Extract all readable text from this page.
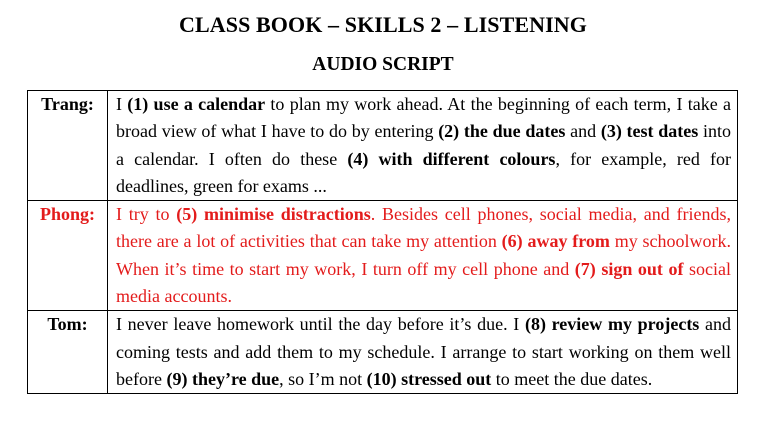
CLASS BOOK – SKILLS 2 – LISTENING
AUDIO SCRIPT
Trang:	I (1) use a calendar to plan my work ahead. At the beginning of each term, I take a broad view of what I have to do by entering (2) the due dates and (3) test dates into a calendar. I often do these (4) with different colours, for example, red for deadlines, green for exams ...
Phong:	I try to (5) minimise distractions. Besides cell phones, social media, and friends, there are a lot of activities that can take my attention (6) away from my schoolwork. When it’s time to start my work, I turn off my cell phone and (7) sign out of social media accounts.
Tom:	I never leave homework until the day before it’s due. I (8) review my projects and coming tests and add them to my schedule. I arrange to start working on them well before (9) they’re due, so I’m not (10) stressed out to meet the due dates.
